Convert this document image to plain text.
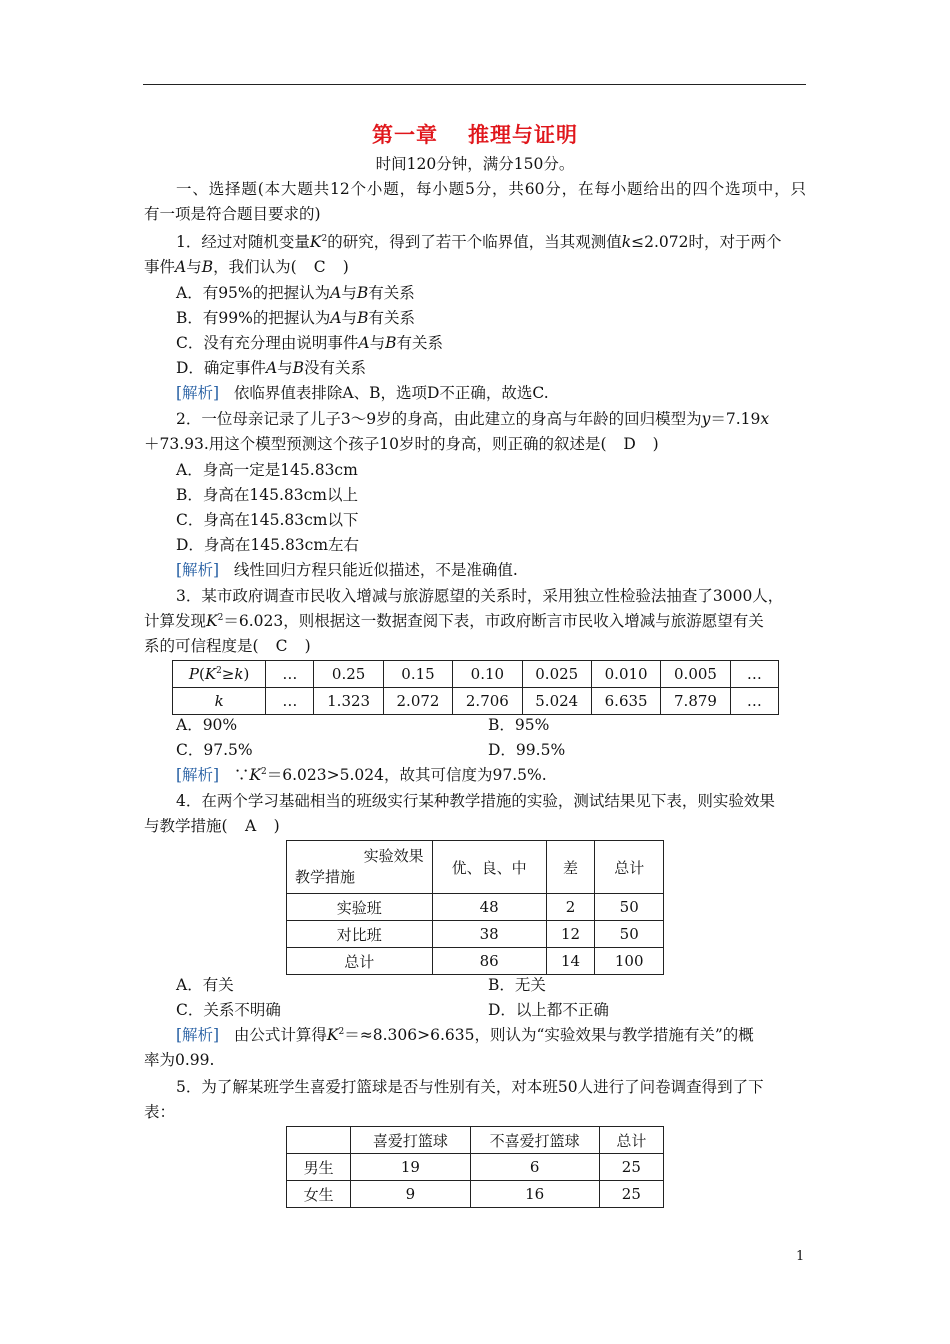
第一章 推理与证明
时间120分钟，满分150分。
一、选择题(本大题共12个小题，每小题5分，共60分，在每小题给出的四个选项中，只
有一项是符合题目要求的)
1．经过对随机变量$K^2$的研究，得到了若干个临界值，当其观测值k≤2.072时，对于两个
事件A与B，我们认为( C )
A．有95%的把握认为A与B有关系
B．有99%的把握认为A与B有关系
C．没有充分理由说明事件A与B有关系
D．确定事件A与B没有关系
[解析] 依临界值表排除A、B，选项D不正确，故选C.
2．一位母亲记录了儿子3～9岁的身高，由此建立的身高与年龄的回归模型为y＝7.19x
＋73.93.用这个模型预测这个孩子10岁时的身高，则正确的叙述是( D )
A．身高一定是145.83cm
B．身高在145.83cm以上
C．身高在145.83cm以下
D．身高在145.83cm左右
[解析] 线性回归方程只能近似描述，不是准确值.
3．某市政府调查市民收入增减与旅游愿望的关系时，采用独立性检验法抽查了3000人，
计算发现$K^2=6.023$，则根据这一数据查阅下表，市政府断言市民收入增减与旅游愿望有关
系的可信程度是( C )
$P(K^2\ge k)$	…	0.25	0.15	0.10	0.025	0.010	0.005	…
k	…	1.323	2.072	2.706	5.024	6.635	7.879	…
A．90%	B．95%
C．97.5%	D．99.5%
[解析] $\because K^2=6.023>5.024$，故其可信度为97.5%.
4．在两个学习基础相当的班级实行某种教学措施的实验，测试结果见下表，则实验效果
与教学措施( A )
实验效果
教学措施	优、良、中	差	总计
实验班	48	2	50
对比班	38	12	50
总计	86	14	100
A．有关	B．无关
C．关系不明确	D．以上都不正确
[解析] 由公式计算得$K^2=\approx 8.306>6.635$，则认为“实验效果与教学措施有关”的概
率为0.99.
5．为了解某班学生喜爱打篮球是否与性别有关，对本班50人进行了问卷调查得到了下
表：
	喜爱打篮球	不喜爱打篮球	总计
男生	19	6	25
女生	9	16	25
1
